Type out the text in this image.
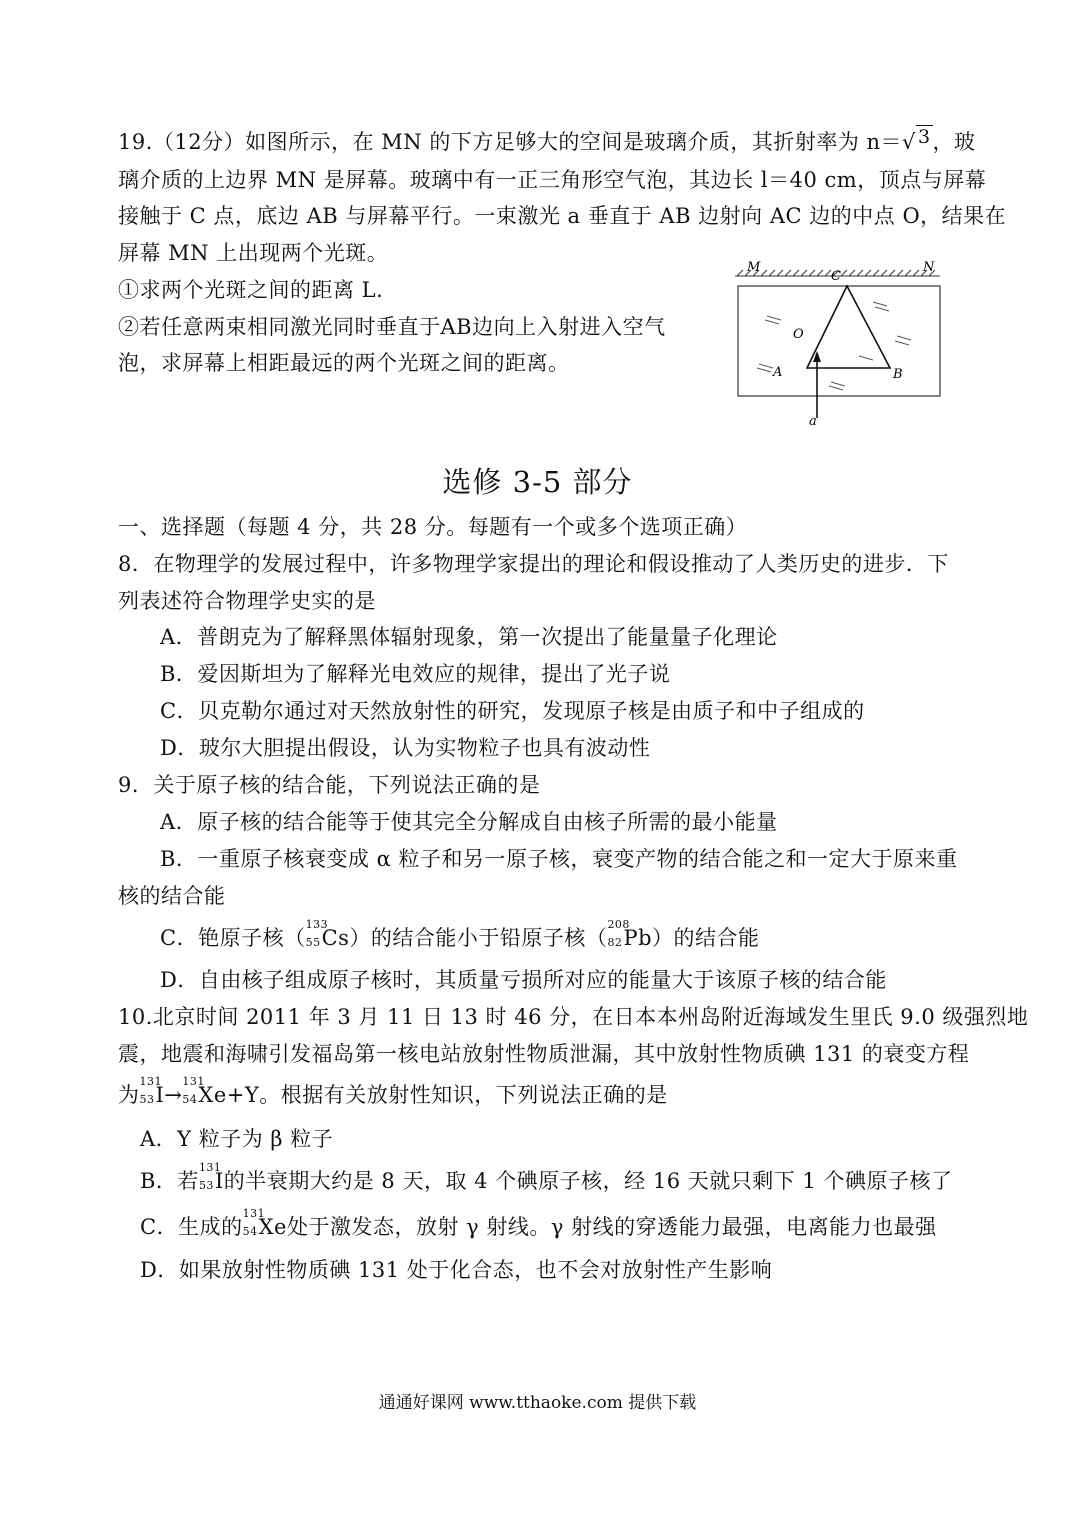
19.（12分）如图所示，在 MN 的下方足够大的空间是玻璃介质，其折射率为 n＝√ 3，玻
璃介质的上边界 MN 是屏幕。玻璃中有一正三角形空气泡，其边长 l＝40 cm，顶点与屏幕
接触于 C 点，底边 AB 与屏幕平行。一束激光 a 垂直于 AB 边射向 AC 边的中点 O，结果在
屏幕 MN 上出现两个光斑。
①求两个光斑之间的距离 L.
②若任意两束相同激光同时垂直于AB边向上入射进入空气
泡，求屏幕上相距最远的两个光斑之间的距离。
M
C
N
O
A	B
a
选修 3-5 部分
一、选择题（每题 4 分，共 28 分。每题有一个或多个选项正确）
8．在物理学的发展过程中，许多物理学家提出的理论和假设推动了人类历史的进步．下
列表述符合物理学史实的是
A．普朗克为了解释黑体辐射现象，第一次提出了能量量子化理论
B．爱因斯坦为了解释光电效应的规律，提出了光子说
C．贝克勒尔通过对天然放射性的研究，发现原子核是由质子和中子组成的
D．玻尔大胆提出假设，认为实物粒子也具有波动性
9．关于原子核的结合能，下列说法正确的是
A．原子核的结合能等于使其完全分解成自由核子所需的最小能量
B．一重原子核衰变成 α 粒子和另一原子核，衰变产物的结合能之和一定大于原来重
核的结合能
C．铯原子核（
133
55 Cs）的结合能小于铅原子核（
208
82 Pb）的结合能
D．自由核子组成原子核时，其质量亏损所对应的能量大于该原子核的结合能
10.北京时间 2011 年 3 月 11 日 13 时 46 分，在日本本州岛附近海域发生里氏 9.0 级强烈地
震，地震和海啸引发福岛第一核电站放射性物质泄漏，其中放射性物质碘 131 的衰变方程
为
131
53 I→
131
54 Xe+Y。根据有关放射性知识，下列说法正确的是
A．Y 粒子为 β 粒子
B．若
131
53 I的半衰期大约是 8 天，取 4 个碘原子核，经 16 天就只剩下 1 个碘原子核了
C．生成的
131
54 Xe处于激发态，放射 γ 射线。γ 射线的穿透能力最强，电离能力也最强
D．如果放射性物质碘 131 处于化合态，也不会对放射性产生影响
通通好课网 www.tthaoke.com 提供下载
